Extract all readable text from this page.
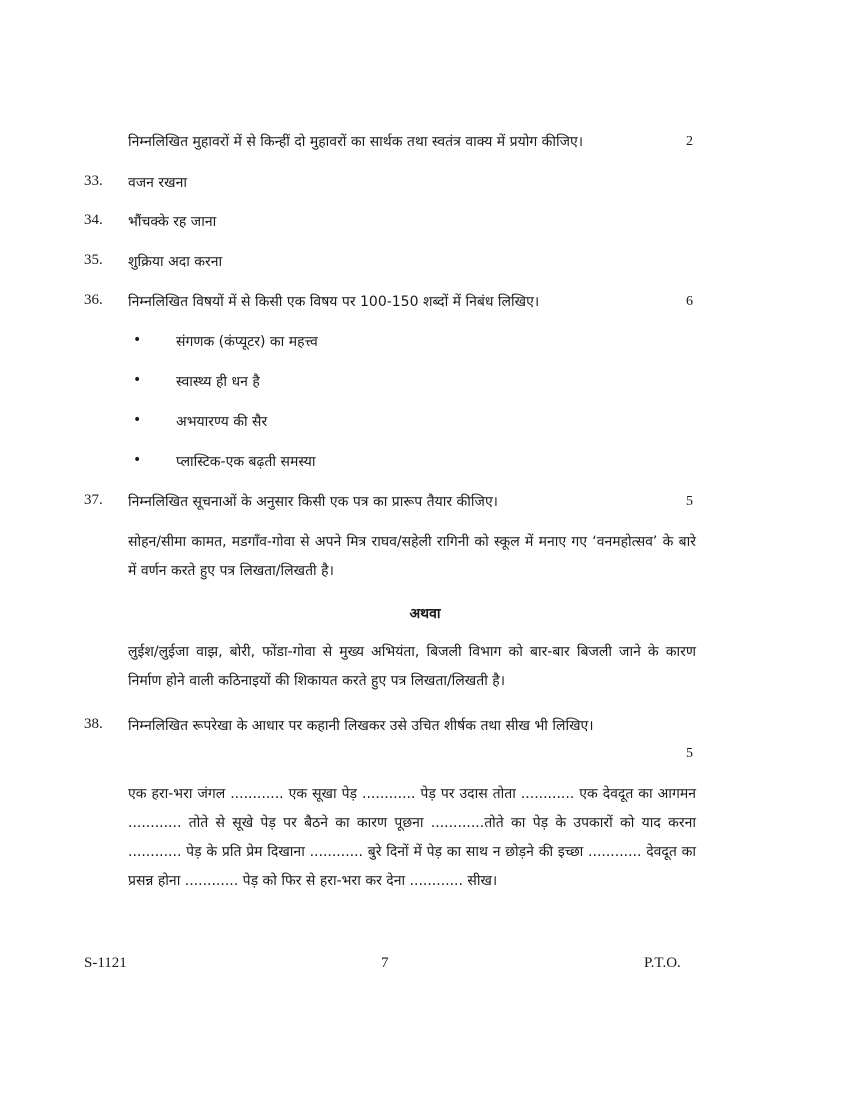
निम्नलिखित मुहावरों में से किन्हीं दो मुहावरों का सार्थक तथा स्वतंत्र वाक्य में प्रयोग कीजिए।	2
33. वजन रखना
34. भौंचक्के रह जाना
35. शुक्रिया अदा करना
36. निम्नलिखित विषयों में से किसी एक विषय पर 100-150 शब्दों में निबंध लिखिए।	6
• संगणक (कंप्यूटर) का महत्त्व
• स्वास्थ्य ही धन है
• अभयारण्य की सैर
• प्लास्टिक-एक बढ़ती समस्या
37. निम्नलिखित सूचनाओं के अनुसार किसी एक पत्र का प्रारूप तैयार कीजिए।	5
सोहन/सीमा कामत, मडगाँव-गोवा से अपने मित्र राघव/सहेली रागिनी को स्कूल में मनाए गए ‘वनमहोत्सव’ के बारे में वर्णन करते हुए पत्र लिखता/लिखती है।
अथवा
लुईश/लुईजा वाझ, बोरी, फोंडा-गोवा से मुख्य अभियंता, बिजली विभाग को बार-बार बिजली जाने के कारण निर्माण होने वाली कठिनाइयों की शिकायत करते हुए पत्र लिखता/लिखती है।
38. निम्नलिखित रूपरेखा के आधार पर कहानी लिखकर उसे उचित शीर्षक तथा सीख भी लिखिए।
5
एक हरा-भरा जंगल ............ एक सूखा पेड़ ............ पेड़ पर उदास तोता ............ एक देवदूत का आगमन ............ तोते से सूखे पेड़ पर बैठने का कारण पूछना ............तोते का पेड़ के उपकारों को याद करना ............ पेड़ के प्रति प्रेम दिखाना ............ बुरे दिनों में पेड़ का साथ न छोड़ने की इच्छा ............ देवदूत का प्रसन्न होना ............ पेड़ को फिर से हरा-भरा कर देना ............ सीख।
S-1121	7	P.T.O.
